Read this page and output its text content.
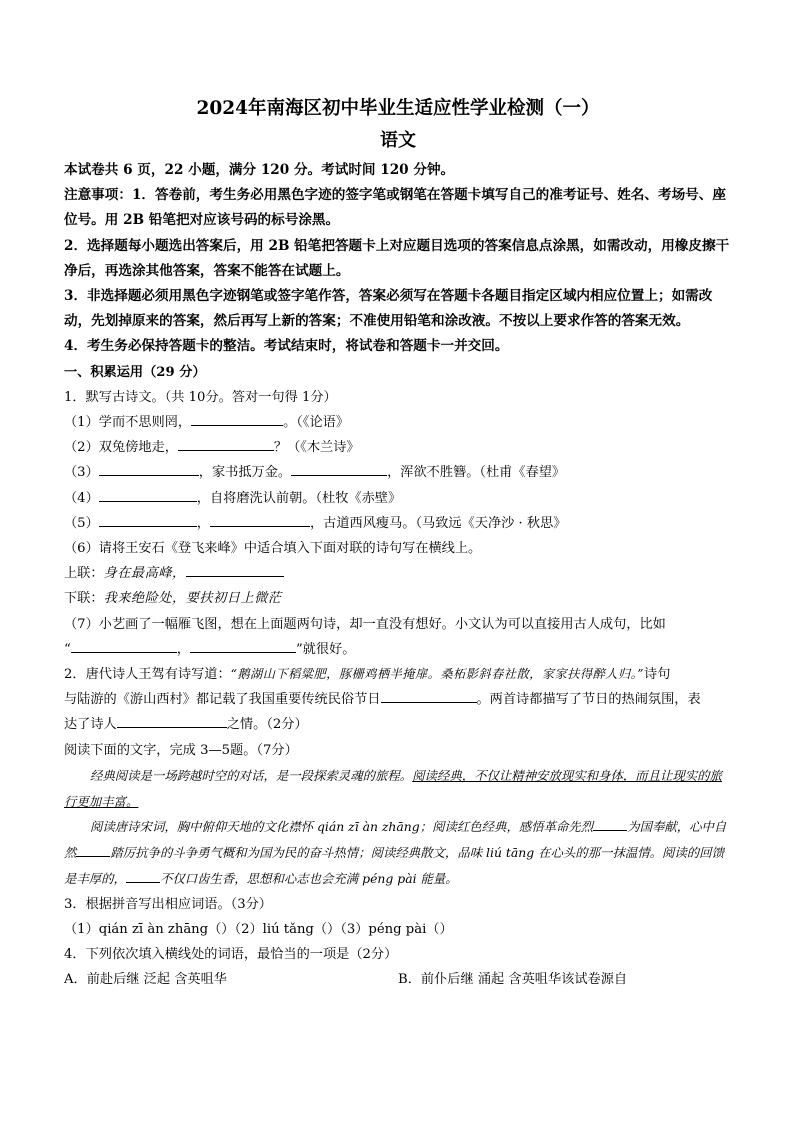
2024年南海区初中毕业生适应性学业检测（一）
语文

本试卷共 6 页，22 小题，满分 120 分。考试时间 120 分钟。

注意事项：1．答卷前，考生务必用黑色字迹的签字笔或钢笔在答题卡填写自己的准考证号、姓名、考场号、座位号。用 2B 铅笔把对应该号码的标号涂黑。

2．选择题每小题选出答案后，用 2B 铅笔把答题卡上对应题目选项的答案信息点涂黑，如需改动，用橡皮擦干净后，再选涂其他答案，答案不能答在试题上。

3．非选择题必须用黑色字迹钢笔或签字笔作答，答案必须写在答题卡各题目指定区域内相应位置上；如需改动，先划掉原来的答案，然后再写上新的答案；不准使用铅笔和涂改液。不按以上要求作答的答案无效。

4．考生务必保持答题卡的整洁。考试结束时，将试卷和答题卡一并交回。

一、积累运用（29 分）

1．默写古诗文。（共 10分。答对一句得 1分）

（1）学而不思则罔，	。（《论语》

（2）双兔傍地走，	？（《木兰诗》

（3）	，家书抵万金。	，浑欲不胜簪。（杜甫《春望》

（4）	，自将磨洗认前朝。（杜牧《赤壁》

（5）	，	，古道西风瘦马。（马致远《天净沙 · 秋思》

（6）请将王安石《登飞来峰》中适合填入下面对联的诗句写在横线上。

上联：身在最高峰，

下联：我来绝险处，要扶初日上微茫

（7）小艺画了一幅雁飞图，想在上面题两句诗，却一直没有想好。小文认为可以直接用古人成句，比如

“	，	”就很好。

2．唐代诗人王驾有诗写道：“鹅湖山下稻粱肥，豚栅鸡栖半掩扉。桑柘影斜春社散，家家扶得醉人归。”诗句

与陆游的《游山西村》都记载了我国重要传统民俗节日	。两首诗都描写了节日的热闹氛围，表

达了诗人	之情。（2分）

阅读下面的文字，完成 3—5题。（7分）

经典阅读是一场跨越时空的对话，是一段探索灵魂的旅程。阅读经典，不仅让精神安放现实和身体，而且让现实的旅行更加丰富。

阅读唐诗宋词，胸中俯仰天地的文化襟怀 qián zī àn zhāng；阅读红色经典，感悟革命先烈	为国奉献，心中自然	踏厉抗争的斗争勇气概和为国为民的奋斗热情；阅读经典散文，品味 liú tāng 在心头的那一抹温情。阅读的回馈是丰厚的，	不仅口齿生香，思想和心志也会充满 péng pài 能量。

3．根据拼音写出相应词语。（3分）

（1）qián zī àn zhāng（）（2）liú tǎng（）（3）péng pài（）

4．下列依次填入横线处的词语，最恰当的一项是（2分）

A．前赴后继 泛起 含英咀华	B．前仆后继 涌起 含英咀华该试卷源自
